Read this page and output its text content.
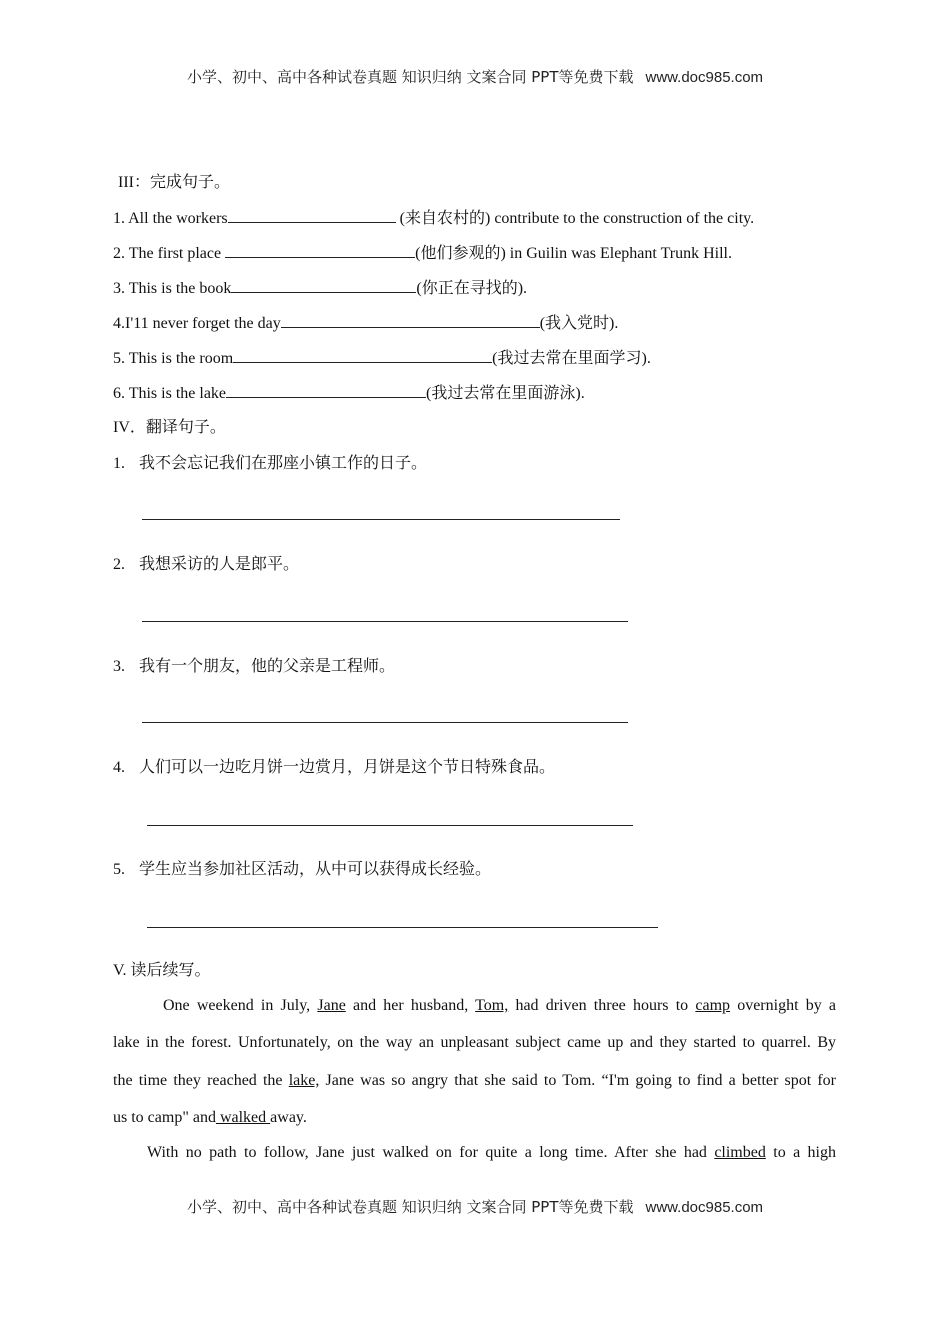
小学、初中、高中各种试卷真题 知识归纳 文案合同 PPT等免费下载 www.doc985.com
III：完成句子。
1. All the workers	(来自农村的) contribute to the construction of the city.
2. The first place	(他们参观的) in Guilin was Elephant Trunk Hill.
3. This is the book	(你正在寻找的).
4.I'11 never forget the day	(我入党时).
5. This is the room	(我过去常在里面学习).
6. This is the lake	(我过去常在里面游泳).
IV．翻译句子。
1. 我不会忘记我们在那座小镇工作的日子。
2. 我想采访的人是郎平。
3. 我有一个朋友，他的父亲是工程师。
4. 人们可以一边吃月饼一边赏月，月饼是这个节日特殊食品。
5. 学生应当参加社区活动，从中可以获得成长经验。
V. 读后续写。
One weekend in July, Jane and her husband, Tom, had driven three hours to camp overnight by a
lake in the forest. Unfortunately, on the way an unpleasant subject came up and they started to quarrel. By
the time they reached the lake, Jane was so angry that she said to Tom. “I'm going to find a better spot for
us to camp" and walked away.
With no path to follow, Jane just walked on for quite a long time. After she had climbed to a high
小学、初中、高中各种试卷真题 知识归纳 文案合同 PPT等免费下载 www.doc985.com
